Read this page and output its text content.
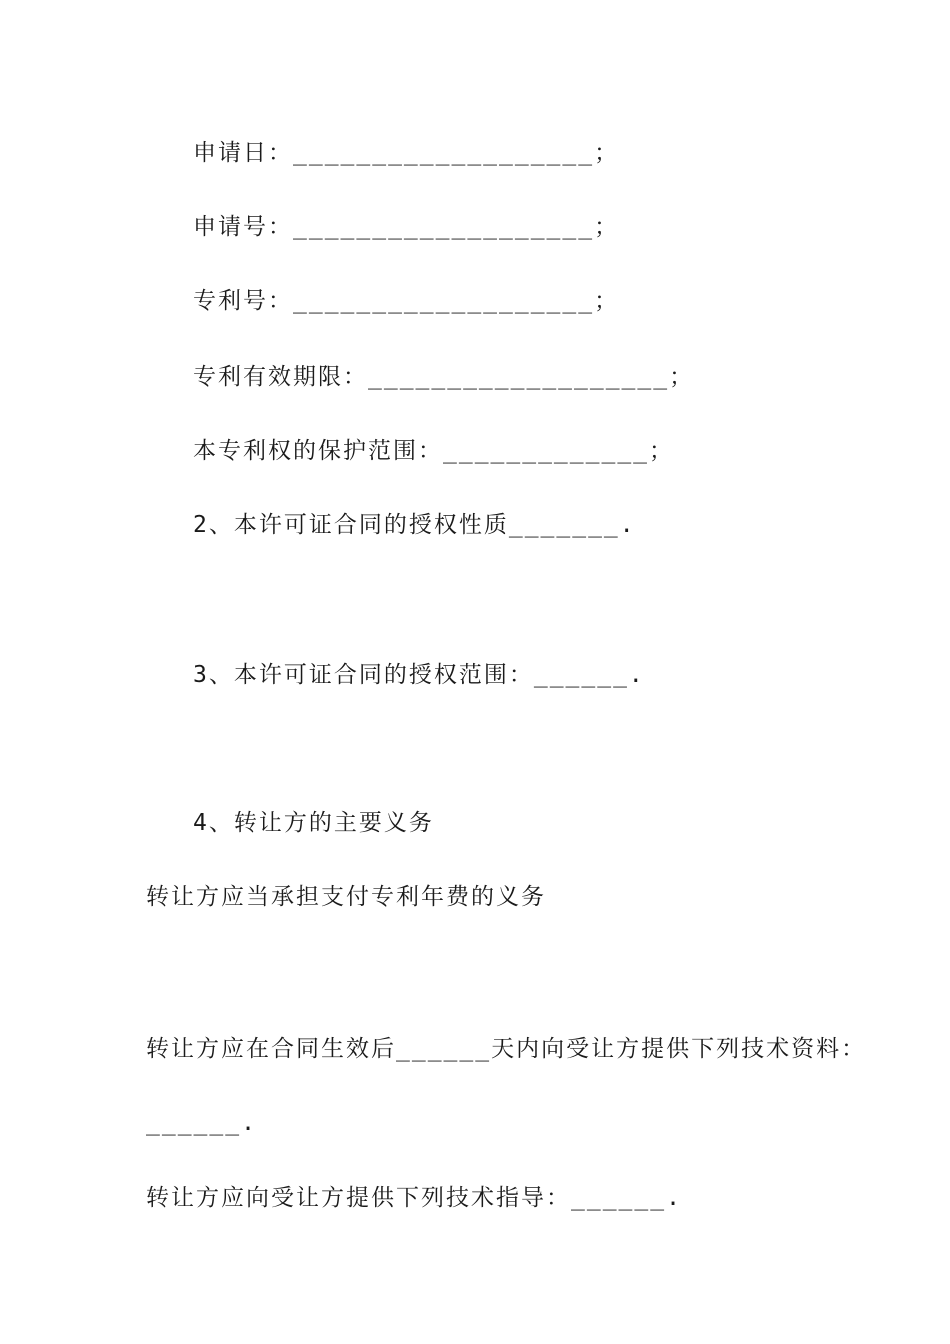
申请日：___________________；
申请号：___________________；
专利号：___________________；
专利有效期限：___________________；
本专利权的保护范围：_____________；
2、本许可证合同的授权性质_______.
3、本许可证合同的授权范围：______.
4、转让方的主要义务
转让方应当承担支付专利年费的义务
转让方应在合同生效后______天内向受让方提供下列技术资料：
______.
转让方应向受让方提供下列技术指导：______.
